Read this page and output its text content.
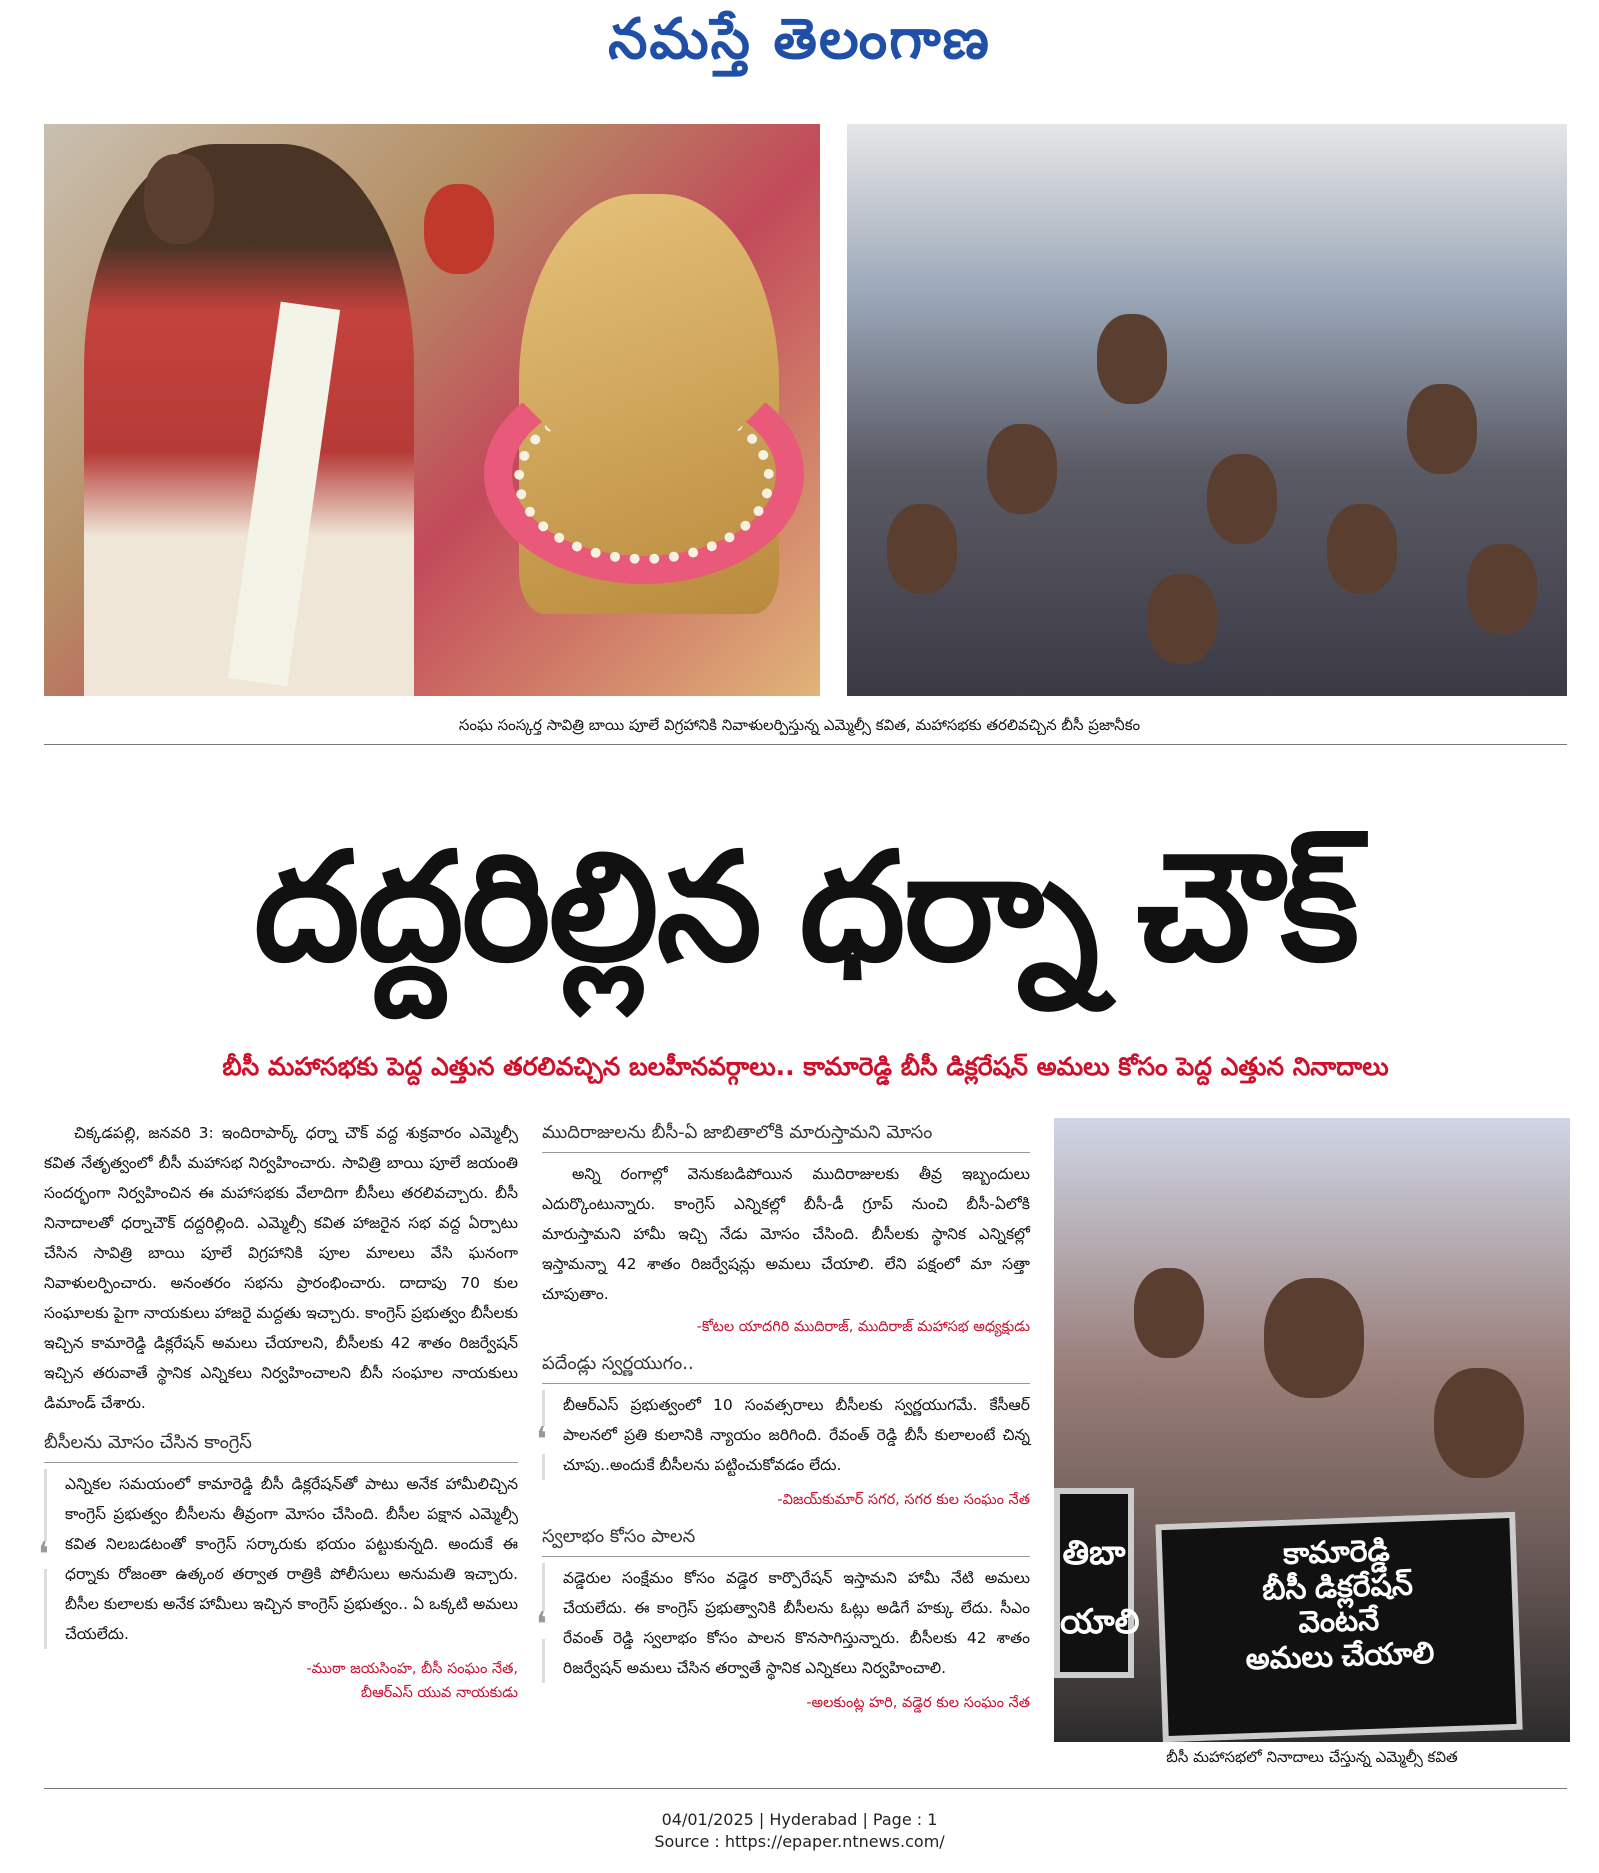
నమస్తే తెలంగాణ
సంఘ సంస్కర్త సావిత్రి బాయి పూలే విగ్రహానికి నివాళులర్పిస్తున్న ఎమ్మెల్సీ కవిత, మహాసభకు తరలివచ్చిన బీసీ ప్రజానీకం
దద్దరిల్లిన ధర్నా చౌక్
బీసీ మహాసభకు పెద్ద ఎత్తున తరలివచ్చిన బలహీనవర్గాలు.. కామారెడ్డి బీసీ డిక్లరేషన్ అమలు కోసం పెద్ద ఎత్తున నినాదాలు

చిక్కడపల్లి, జనవరి 3: ఇందిరాపార్క్ ధర్నా చౌక్ వద్ద శుక్రవారం ఎమ్మెల్సీ కవిత నేతృత్వంలో బీసీ మహాసభ నిర్వహించారు. సావిత్రి బాయి పూలే జయంతి సందర్భంగా నిర్వహించిన ఈ మహాసభకు వేలాదిగా బీసీలు తరలివచ్చారు. బీసీ నినాదాలతో ధర్నాచౌక్ దద్దరిల్లింది. ఎమ్మెల్సీ కవిత హాజరైన సభ వద్ద ఏర్పాటు చేసిన సావిత్రి బాయి పూలే విగ్రహానికి పూల మాలలు వేసి ఘనంగా నివాళులర్పించారు. అనంతరం సభను ప్రారంభించారు. దాదాపు 70 కుల సంఘాలకు పైగా నాయకులు హాజరై మద్దతు ఇచ్చారు. కాంగ్రెస్ ప్రభుత్వం బీసీలకు ఇచ్చిన కామారెడ్డి డిక్లరేషన్ అమలు చేయాలని, బీసీలకు 42 శాతం రిజర్వేషన్ ఇచ్చిన తరువాతే స్థానిక ఎన్నికలు నిర్వహించాలని బీసీ సంఘాల నాయకులు డిమాండ్ చేశారు.

బీసీలను మోసం చేసిన కాంగ్రెస్
❛

ఎన్నికల సమయంలో కామారెడ్డి బీసీ డిక్లరేషన్‌తో పాటు అనేక హామీలిచ్చిన కాంగ్రెస్ ప్రభుత్వం బీసీలను తీవ్రంగా మోసం చేసింది. బీసీల పక్షాన ఎమ్మెల్సీ కవిత నిలబడటంతో కాంగ్రెస్ సర్కారుకు భయం పట్టుకున్నది. అందుకే ఈ ధర్నాకు రోజంతా ఉత్కంఠ తర్వాత రాత్రికి పోలీసులు అనుమతి ఇచ్చారు. బీసీల కులాలకు అనేక హామీలు ఇచ్చిన కాంగ్రెస్ ప్రభుత్వం.. ఏ ఒక్కటి అమలు చేయలేదు.

-ముఠా జయసింహ, బీసీ సంఘం నేత,
బీఆర్ఎస్ యువ నాయకుడు
ముదిరాజులను బీసీ-ఏ జాబితాలోకి మారుస్తామని మోసం

అన్ని రంగాల్లో వెనుకబడిపోయిన ముదిరాజులకు తీవ్ర ఇబ్బందులు ఎదుర్కొంటున్నారు. కాంగ్రెస్ ఎన్నికల్లో బీసీ-డీ గ్రూప్ నుంచి బీసీ-ఏలోకి మారుస్తామని హామీ ఇచ్చి నేడు మోసం చేసింది. బీసీలకు స్థానిక ఎన్నికల్లో ఇస్తామన్నా 42 శాతం రిజర్వేషన్లు అమలు చేయాలి. లేని పక్షంలో మా సత్తా చూపుతాం.

-కోటల యాదగిరి ముదిరాజ్, ముదిరాజ్ మహాసభ అధ్యక్షుడు
పదేండ్లు స్వర్ణయుగం..
❛

బీఆర్ఎస్ ప్రభుత్వంలో 10 సంవత్సరాలు బీసీలకు స్వర్ణయుగమే. కేసీఆర్ పాలనలో ప్రతి కులానికి న్యాయం జరిగింది. రేవంత్ రెడ్డి బీసీ కులాలంటే చిన్న చూపు..అందుకే బీసీలను పట్టించుకోవడం లేదు.

-విజయ్‌కుమార్ సగర, సగర కుల సంఘం నేత
స్వలాభం కోసం పాలన
❛

వడ్డెరుల సంక్షేమం కోసం వడ్డెర కార్పొరేషన్ ఇస్తామని హామీ నేటి అమలు చేయలేదు. ఈ కాంగ్రెస్ ప్రభుత్వానికి బీసీలను ఓట్లు అడిగే హక్కు లేదు. సీఎం రేవంత్ రెడ్డి స్వలాభం కోసం పాలన కొనసాగిస్తున్నారు. బీసీలకు 42 శాతం రిజర్వేషన్ అమలు చేసిన తర్వాతే స్థానిక ఎన్నికలు నిర్వహించాలి.

-అలకుంట్ల హరి, వడ్డెర కుల సంఘం నేత
తిబా
యాలి
కామారెడ్డి
బీసీ డిక్లరేషన్
వెంటనే
అమలు చేయాలి
బీసీ మహాసభలో నినాదాలు చేస్తున్న ఎమ్మెల్సీ కవిత
04/01/2025 | Hyderabad | Page : 1
Source : https://epaper.ntnews.com/
